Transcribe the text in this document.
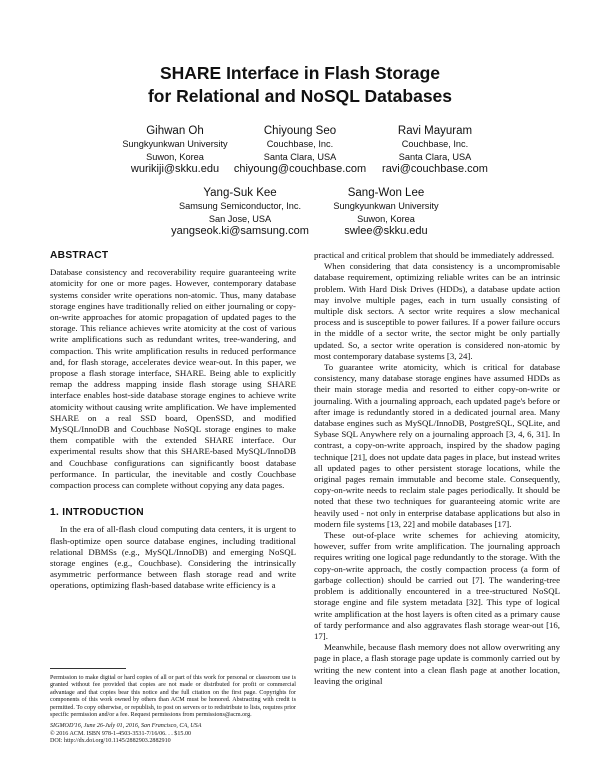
SHARE Interface in Flash Storage
for Relational and NoSQL Databases
Gihwan Oh
Sungkyunkwan University
Suwon, Korea
wurikiji@skku.edu
Chiyoung Seo
Couchbase, Inc.
Santa Clara, USA
chiyoung@couchbase.com
Ravi Mayuram
Couchbase, Inc.
Santa Clara, USA
ravi@couchbase.com
Yang-Suk Kee
Samsung Semiconductor, Inc.
San Jose, USA
yangseok.ki@samsung.com
Sang-Won Lee
Sungkyunkwan University
Suwon, Korea
swlee@skku.edu
ABSTRACT

Database consistency and recoverability require guaranteeing write atomicity for one or more pages. However, contemporary database systems consider write operations non-atomic. Thus, many database storage engines have traditionally relied on either journaling or copy-on-write approaches for atomic propagation of updated pages to the storage. This reliance achieves write atomicity at the cost of various write amplifications such as redundant writes, tree-wandering, and compaction. This write amplification results in reduced performance and, for flash storage, accelerates device wear-out. In this paper, we propose a flash storage interface, SHARE. Being able to explicitly remap the address mapping inside flash storage using SHARE interface enables host-side database storage engines to achieve write atomicity without causing write amplification. We have implemented SHARE on a real SSD board, OpenSSD, and modified MySQL/InnoDB and Couchbase NoSQL storage engines to make them compatible with the extended SHARE interface. Our experimental results show that this SHARE-based MySQL/InnoDB and Couchbase configurations can significantly boost database performance. In particular, the inevitable and costly Couchbase compaction process can complete without copying any data pages.

1. INTRODUCTION

In the era of all-flash cloud computing data centers, it is urgent to flash-optimize open source database engines, including traditional relational DBMSs (e.g., MySQL/InnoDB) and emerging NoSQL storage engines (e.g., Couchbase). Considering the intrinsically asymmetric performance between flash storage read and write operations, optimizing flash-based database write efficiency is a

Permission to make digital or hard copies of all or part of this work for personal or classroom use is granted without fee provided that copies are not made or distributed for profit or commercial advantage and that copies bear this notice and the full citation on the first page. Copyrights for components of this work owned by others than ACM must be honored. Abstracting with credit is permitted. To copy otherwise, or republish, to post on servers or to redistribute to lists, requires prior specific permission and/or a fee. Request permissions from permissions@acm.org.
SIGMOD'16, June 26-July 01, 2016, San Francisco, CA, USA
© 2016 ACM. ISBN 978-1-4503-3531-7/16/06. . . $15.00
DOI: http://dx.doi.org/10.1145/2882903.2882910

practical and critical problem that should be immediately addressed.

When considering that data consistency is a uncompromisable database requirement, optimizing reliable writes can be an intrinsic problem. With Hard Disk Drives (HDDs), a database update action may involve multiple pages, each in turn usually consisting of multiple disk sectors. A sector write requires a slow mechanical process and is susceptible to power failures. If a power failure occurs in the middle of a sector write, the sector might be only partially updated. So, a sector write operation is considered non-atomic by most contemporary database systems [3, 24].

To guarantee write atomicity, which is critical for database consistency, many database storage engines have assumed HDDs as their main storage media and resorted to either copy-on-write or journaling. With a journaling approach, each updated page's before or after image is redundantly stored in a dedicated journal area. Many database engines such as MySQL/InnoDB, PostgreSQL, SQLite, and Sybase SQL Anywhere rely on a journaling approach [3, 4, 6, 31]. In contrast, a copy-on-write approach, inspired by the shadow paging technique [21], does not update data pages in place, but instead writes all updated pages to other persistent storage locations, while the original pages remain immutable and become stale. Consequently, copy-on-write needs to reclaim stale pages periodically. It should be noted that these two techniques for guaranteeing atomic write are heavily used - not only in enterprise database applications but also in modern file systems [13, 22] and mobile databases [17].

These out-of-place write schemes for achieving atomicity, however, suffer from write amplification. The journaling approach requires writing one logical page redundantly to the storage. With the copy-on-write approach, the costly compaction process (a form of garbage collection) should be carried out [7]. The wandering-tree problem is additionally encountered in a tree-structured NoSQL storage engine and file system metadata [32]. This type of logical write amplification at the host layers is often cited as a primary cause of tardy performance and also aggravates flash storage wear-out [16, 17].

Meanwhile, because flash memory does not allow overwriting any page in place, a flash storage page update is commonly carried out by writing the new content into a clean flash page at another location, leaving the original
